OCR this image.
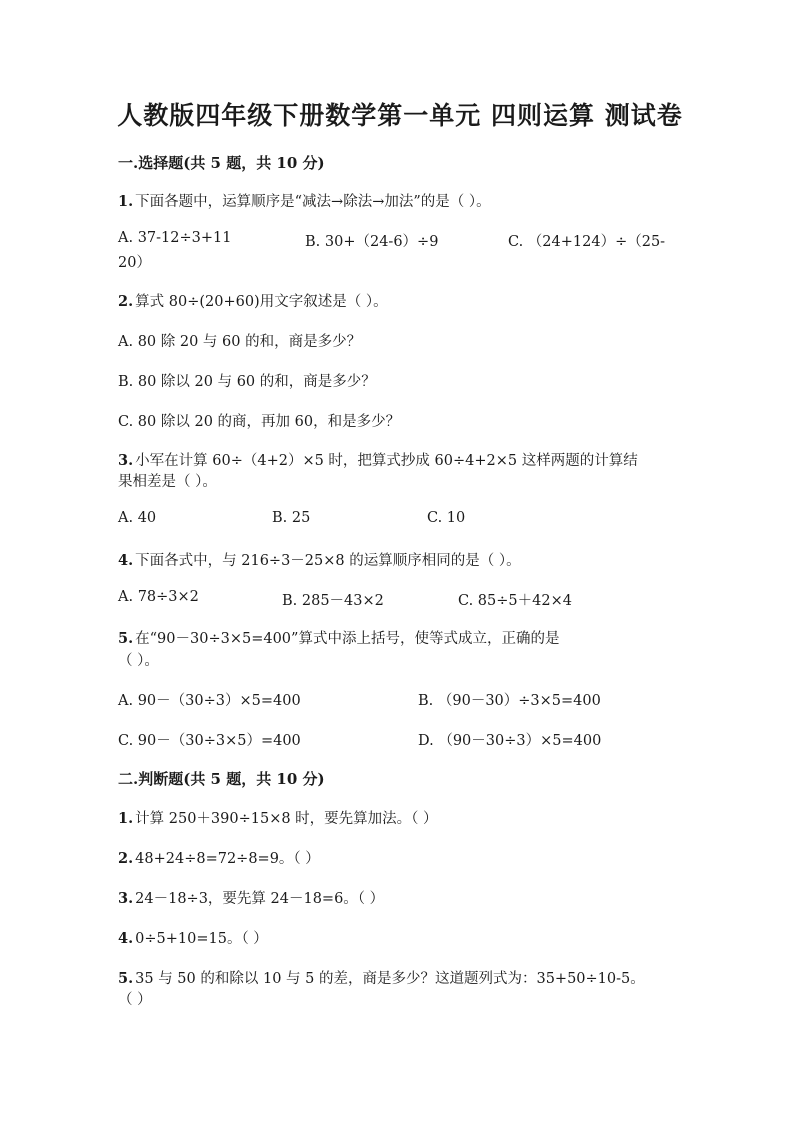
人教版四年级下册数学第一单元 四则运算 测试卷
一.选择题(共 5 题，共 10 分)
1. 下面各题中，运算顺序是“减法→除法→加法”的是（ ）。
A. 37-12÷3+11	B. 30+（24-6）÷9	C. （24+124）÷（25-
20）
2. 算式 80÷(20+60)用文字叙述是（ ）。
A. 80 除 20 与 60 的和，商是多少？
B. 80 除以 20 与 60 的和，商是多少？
C. 80 除以 20 的商，再加 60，和是多少？
3. 小军在计算 60÷（4+2）×5 时，把算式抄成 60÷4+2×5 这样两题的计算结
果相差是（ ）。
A. 40	B. 25	C. 10
4. 下面各式中，与 216÷3－25×8 的运算顺序相同的是（ ）。
A. 78÷3×2	B. 285－43×2	C. 85÷5＋42×4
5. 在“90－30÷3×5=400”算式中添上括号，使等式成立，正确的是
（ ）。
A. 90－（30÷3）×5=400	B. （90－30）÷3×5=400
C. 90－（30÷3×5）=400	D. （90－30÷3）×5=400
二.判断题(共 5 题，共 10 分)
1. 计算 250＋390÷15×8 时，要先算加法。（ ）
2. 48+24÷8=72÷8=9。（ ）
3. 24－18÷3，要先算 24－18=6。（ ）
4. 0÷5+10=15。（ ）
5. 35 与 50 的和除以 10 与 5 的差，商是多少？这道题列式为：35+50÷10-5。
（ ）
